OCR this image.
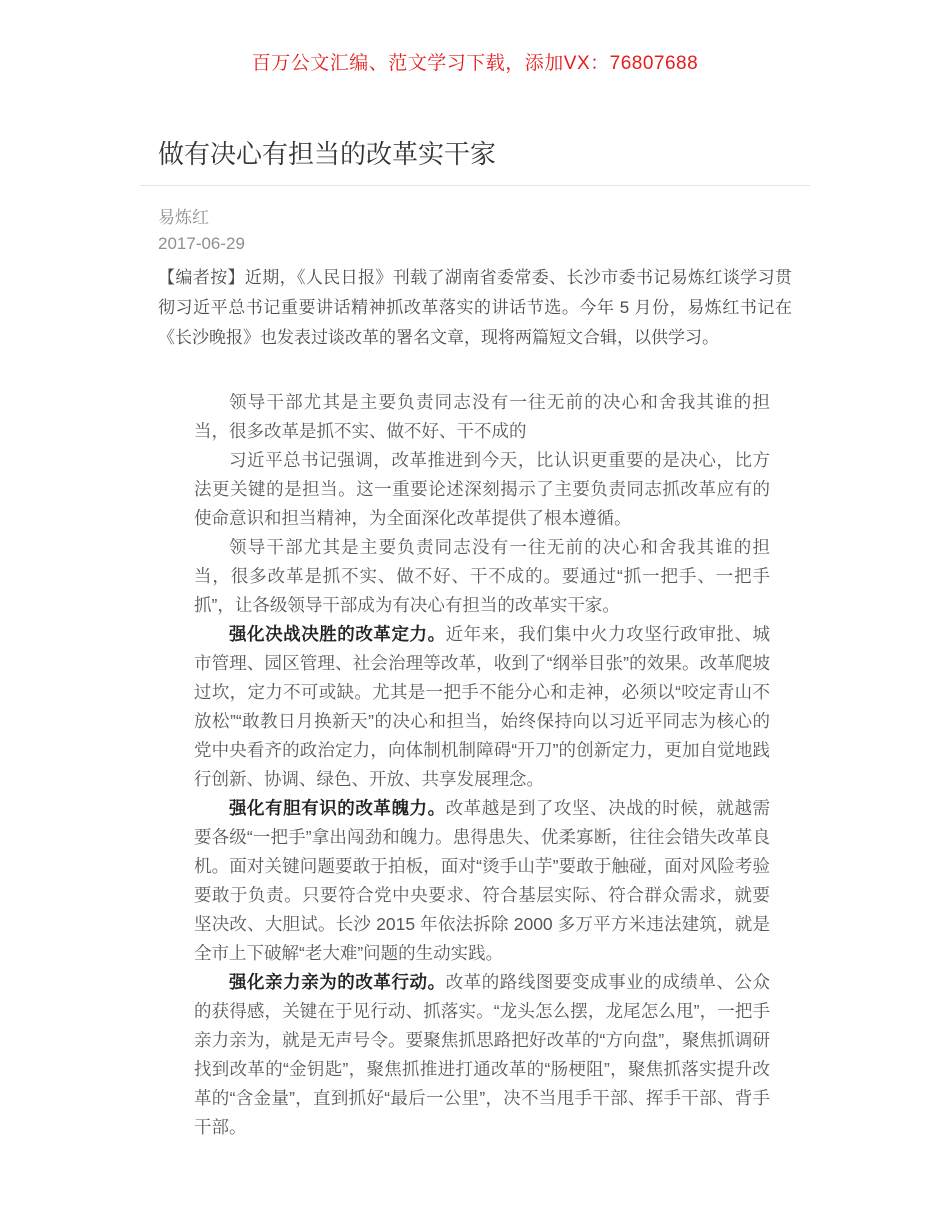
百万公文汇编、范文学习下载，添加VX：76807688
做有决心有担当的改革实干家
易炼红
2017-06-29

【编者按】近期，《人民日报》刊载了湖南省委常委、长沙市委书记易炼红谈学习贯彻习近平总书记重要讲话精神抓改革落实的讲话节选。今年 5 月份，易炼红书记在《长沙晚报》也发表过谈改革的署名文章，现将两篇短文合辑，以供学习。

领导干部尤其是主要负责同志没有一往无前的决心和舍我其谁的担当，很多改革是抓不实、做不好、干不成的

习近平总书记强调，改革推进到今天，比认识更重要的是决心，比方法更关键的是担当。这一重要论述深刻揭示了主要负责同志抓改革应有的使命意识和担当精神，为全面深化改革提供了根本遵循。

领导干部尤其是主要负责同志没有一往无前的决心和舍我其谁的担当，很多改革是抓不实、做不好、干不成的。要通过“抓一把手、一把手抓”，让各级领导干部成为有决心有担当的改革实干家。

强化决战决胜的改革定力。近年来，我们集中火力攻坚行政审批、城市管理、园区管理、社会治理等改革，收到了“纲举目张”的效果。改革爬坡过坎，定力不可或缺。尤其是一把手不能分心和走神，必须以“咬定青山不放松”“敢教日月换新天”的决心和担当，始终保持向以习近平同志为核心的党中央看齐的政治定力，向体制机制障碍“开刀”的创新定力，更加自觉地践行创新、协调、绿色、开放、共享发展理念。

强化有胆有识的改革魄力。改革越是到了攻坚、决战的时候，就越需要各级“一把手”拿出闯劲和魄力。患得患失、优柔寡断，往往会错失改革良机。面对关键问题要敢于拍板，面对“烫手山芋”要敢于触碰，面对风险考验要敢于负责。只要符合党中央要求、符合基层实际、符合群众需求，就要坚决改、大胆试。长沙 2015 年依法拆除 2000 多万平方米违法建筑，就是全市上下破解“老大难”问题的生动实践。

强化亲力亲为的改革行动。改革的路线图要变成事业的成绩单、公众的获得感，关键在于见行动、抓落实。“龙头怎么摆，龙尾怎么甩”，一把手亲力亲为，就是无声号令。要聚焦抓思路把好改革的“方向盘”，聚焦抓调研找到改革的“金钥匙”，聚焦抓推进打通改革的“肠梗阻”，聚焦抓落实提升改革的“含金量”，直到抓好“最后一公里”，决不当甩手干部、挥手干部、背手干部。
